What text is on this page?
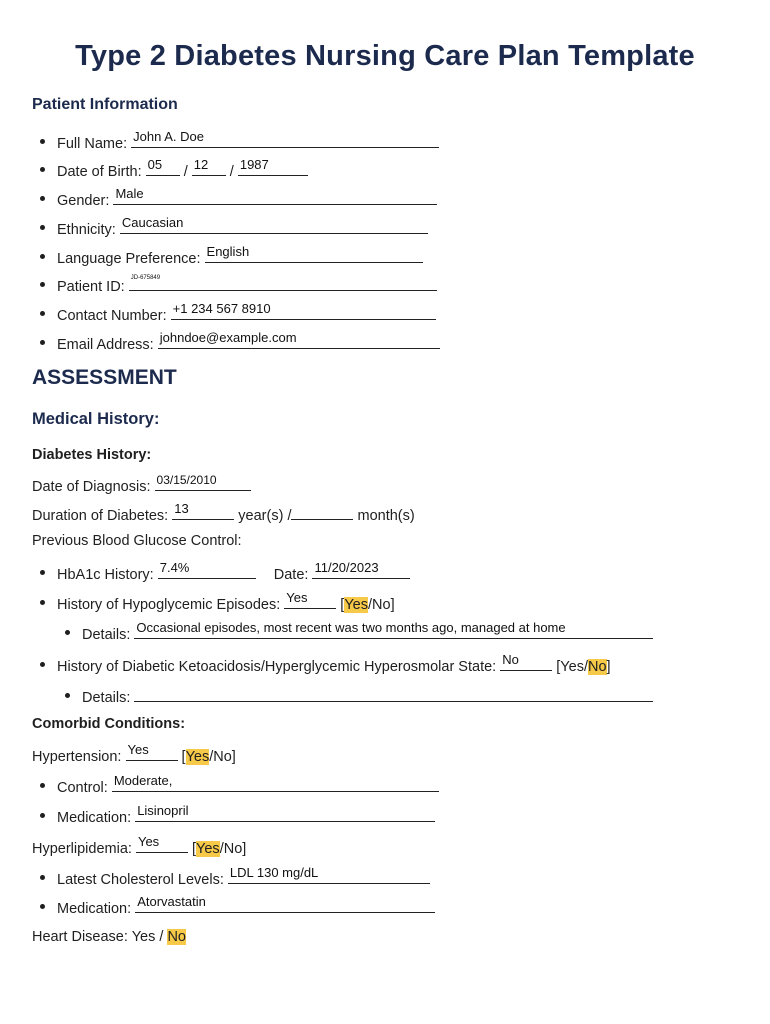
Type 2 Diabetes Nursing Care Plan Template
Patient Information
Full Name: John A. Doe
Date of Birth: 05 / 12 / 1987
Gender: Male
Ethnicity: Caucasian
Language Preference: English
Patient ID:
JD-675849
Contact Number: +1 234 567 8910
Email Address: johndoe@example.com
ASSESSMENT
Medical History:
Diabetes History:
Date of Diagnosis: 03/15/2010
Duration of Diabetes: 13	year(s) /	month(s)
Previous Blood Glucose Control:
HbA1c History: 7.4%	Date: 11/20/2023
History of Hypoglycemic Episodes: Yes [Yes/No]
Details: Occasional episodes, most recent was two months ago, managed at home
History of Diabetic Ketoacidosis/Hyperglycemic Hyperosmolar State: No	[Yes/No]
Details:
Comorbid Conditions:
Hypertension: Yes [Yes/No]
Control: Moderate,
Medication: Lisinopril
Hyperlipidemia: Yes [Yes/No]
Latest Cholesterol Levels: LDL 130 mg/dL
Medication: Atorvastatin
Heart Disease: Yes / No
